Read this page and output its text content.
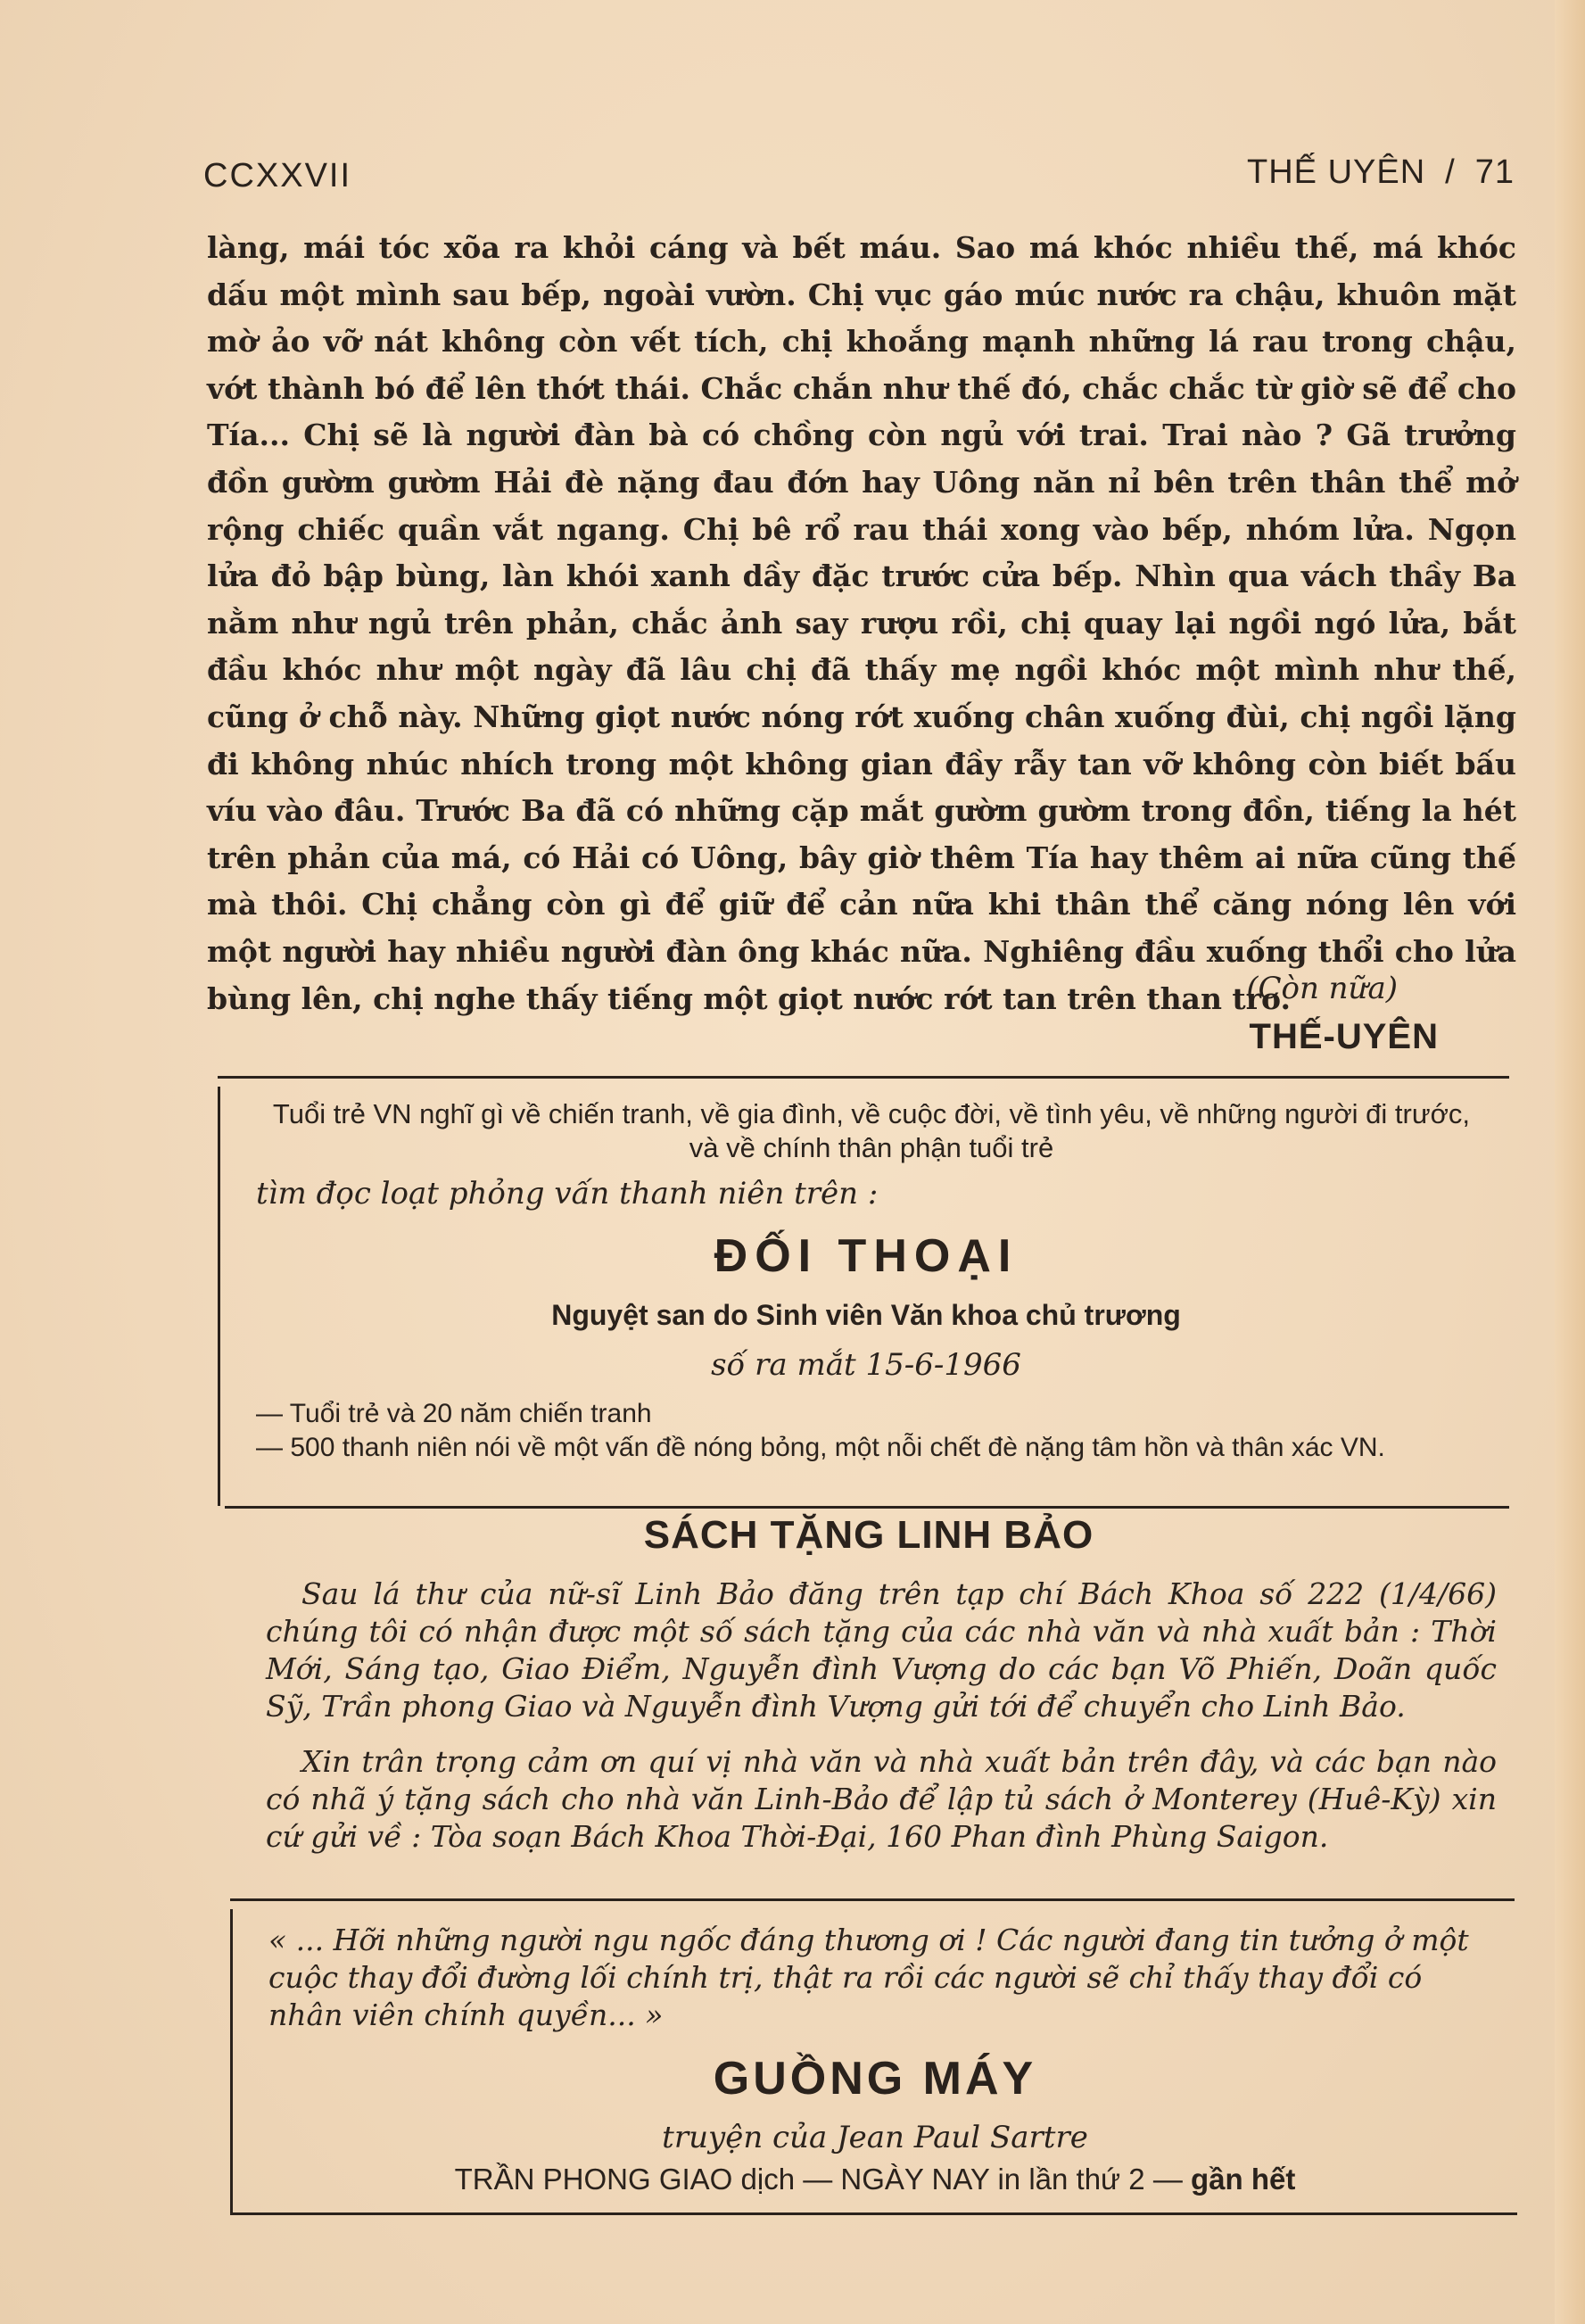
CCXXVII	THẾ UYÊN / 71
làng, mái tóc xõa ra khỏi cáng và bết máu. Sao má khóc nhiều thế, má khóc dấu một mình sau bếp, ngoài vườn. Chị vục gáo múc nước ra chậu, khuôn mặt mờ ảo vỡ nát không còn vết tích, chị khoắng mạnh những lá rau trong chậu, vớt thành bó để lên thớt thái. Chắc chắn như thế đó, chắc chắc từ giờ sẽ để cho Tía... Chị sẽ là người đàn bà có chồng còn ngủ với trai. Trai nào ? Gã trưởng đồn gườm gườm Hải đè nặng đau đớn hay Uông năn nỉ bên trên thân thể mở rộng chiếc quần vắt ngang. Chị bê rổ rau thái xong vào bếp, nhóm lửa. Ngọn lửa đỏ bập bùng, làn khói xanh dầy đặc trước cửa bếp. Nhìn qua vách thầy Ba nằm như ngủ trên phản, chắc ảnh say rượu rồi, chị quay lại ngồi ngó lửa, bắt đầu khóc như một ngày đã lâu chị đã thấy mẹ ngồi khóc một mình như thế, cũng ở chỗ này. Những giọt nước nóng rớt xuống chân xuống đùi, chị ngồi lặng đi không nhúc nhích trong một không gian đầy rẫy tan vỡ không còn biết bấu víu vào đâu. Trước Ba đã có những cặp mắt gườm gườm trong đồn, tiếng la hét trên phản của má, có Hải có Uông, bây giờ thêm Tía hay thêm ai nữa cũng thế mà thôi. Chị chẳng còn gì để giữ để cản nữa khi thân thể căng nóng lên với một người hay nhiều người đàn ông khác nữa. Nghiêng đầu xuống thổi cho lửa bùng lên, chị nghe thấy tiếng một giọt nước rớt tan trên than tro.
(Còn nữa)
THẾ-UYÊN
Tuổi trẻ VN nghĩ gì về chiến tranh, về gia đình, về cuộc đời, về tình yêu, về những người đi trước, và về chính thân phận tuổi trẻ
tìm đọc loạt phỏng vấn thanh niên trên :
ĐỐI THOẠI
Nguyệt san do Sinh viên Văn khoa chủ trương
số ra mắt 15-6-1966
— Tuổi trẻ và 20 năm chiến tranh
— 500 thanh niên nói về một vấn đề nóng bỏng, một nỗi chết đè nặng tâm hồn và thân xác VN.
SÁCH TẶNG LINH BẢO
Sau lá thư của nữ-sĩ Linh Bảo đăng trên tạp chí Bách Khoa số 222 (1/4/66) chúng tôi có nhận được một số sách tặng của các nhà văn và nhà xuất bản : Thời Mới, Sáng tạo, Giao Điểm, Nguyễn đình Vượng do các bạn Võ Phiến, Doãn quốc Sỹ, Trần phong Giao và Nguyễn đình Vượng gửi tới để chuyển cho Linh Bảo.
Xin trân trọng cảm ơn quí vị nhà văn và nhà xuất bản trên đây, và các bạn nào có nhã ý tặng sách cho nhà văn Linh-Bảo để lập tủ sách ở Monterey (Huê-Kỳ) xin cứ gửi về : Tòa soạn Bách Khoa Thời-Đại, 160 Phan đình Phùng Saigon.
« ... Hỡi những người ngu ngốc đáng thương ơi ! Các người đang tin tưởng ở một cuộc thay đổi đường lối chính trị, thật ra rồi các người sẽ chỉ thấy thay đổi có nhân viên chính quyền... »
GUỒNG MÁY
truyện của Jean Paul Sartre
TRẦN PHONG GIAO dịch — NGÀY NAY in lần thứ 2 — gần hết
